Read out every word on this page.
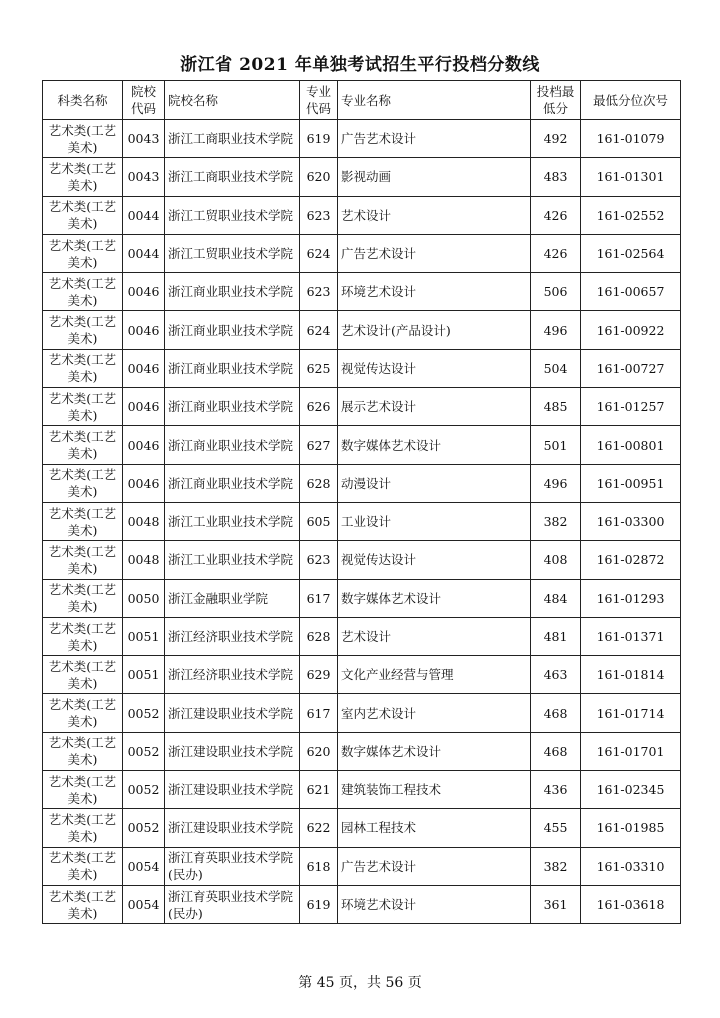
浙江省 2021 年单独考试招生平行投档分数线
科类名称	院校代码	院校名称	专业代码	专业名称	投档最低分	最低分位次号
艺术类(工艺美术)	0043	浙江工商职业技术学院	619	广告艺术设计	492	161-01079
艺术类(工艺美术)	0043	浙江工商职业技术学院	620	影视动画	483	161-01301
艺术类(工艺美术)	0044	浙江工贸职业技术学院	623	艺术设计	426	161-02552
艺术类(工艺美术)	0044	浙江工贸职业技术学院	624	广告艺术设计	426	161-02564
艺术类(工艺美术)	0046	浙江商业职业技术学院	623	环境艺术设计	506	161-00657
艺术类(工艺美术)	0046	浙江商业职业技术学院	624	艺术设计(产品设计)	496	161-00922
艺术类(工艺美术)	0046	浙江商业职业技术学院	625	视觉传达设计	504	161-00727
艺术类(工艺美术)	0046	浙江商业职业技术学院	626	展示艺术设计	485	161-01257
艺术类(工艺美术)	0046	浙江商业职业技术学院	627	数字媒体艺术设计	501	161-00801
艺术类(工艺美术)	0046	浙江商业职业技术学院	628	动漫设计	496	161-00951
艺术类(工艺美术)	0048	浙江工业职业技术学院	605	工业设计	382	161-03300
艺术类(工艺美术)	0048	浙江工业职业技术学院	623	视觉传达设计	408	161-02872
艺术类(工艺美术)	0050	浙江金融职业学院	617	数字媒体艺术设计	484	161-01293
艺术类(工艺美术)	0051	浙江经济职业技术学院	628	艺术设计	481	161-01371
艺术类(工艺美术)	0051	浙江经济职业技术学院	629	文化产业经营与管理	463	161-01814
艺术类(工艺美术)	0052	浙江建设职业技术学院	617	室内艺术设计	468	161-01714
艺术类(工艺美术)	0052	浙江建设职业技术学院	620	数字媒体艺术设计	468	161-01701
艺术类(工艺美术)	0052	浙江建设职业技术学院	621	建筑装饰工程技术	436	161-02345
艺术类(工艺美术)	0052	浙江建设职业技术学院	622	园林工程技术	455	161-01985
艺术类(工艺美术)	0054	浙江育英职业技术学院(民办)	618	广告艺术设计	382	161-03310
艺术类(工艺美术)	0054	浙江育英职业技术学院(民办)	619	环境艺术设计	361	161-03618
第 45 页，共 56 页
